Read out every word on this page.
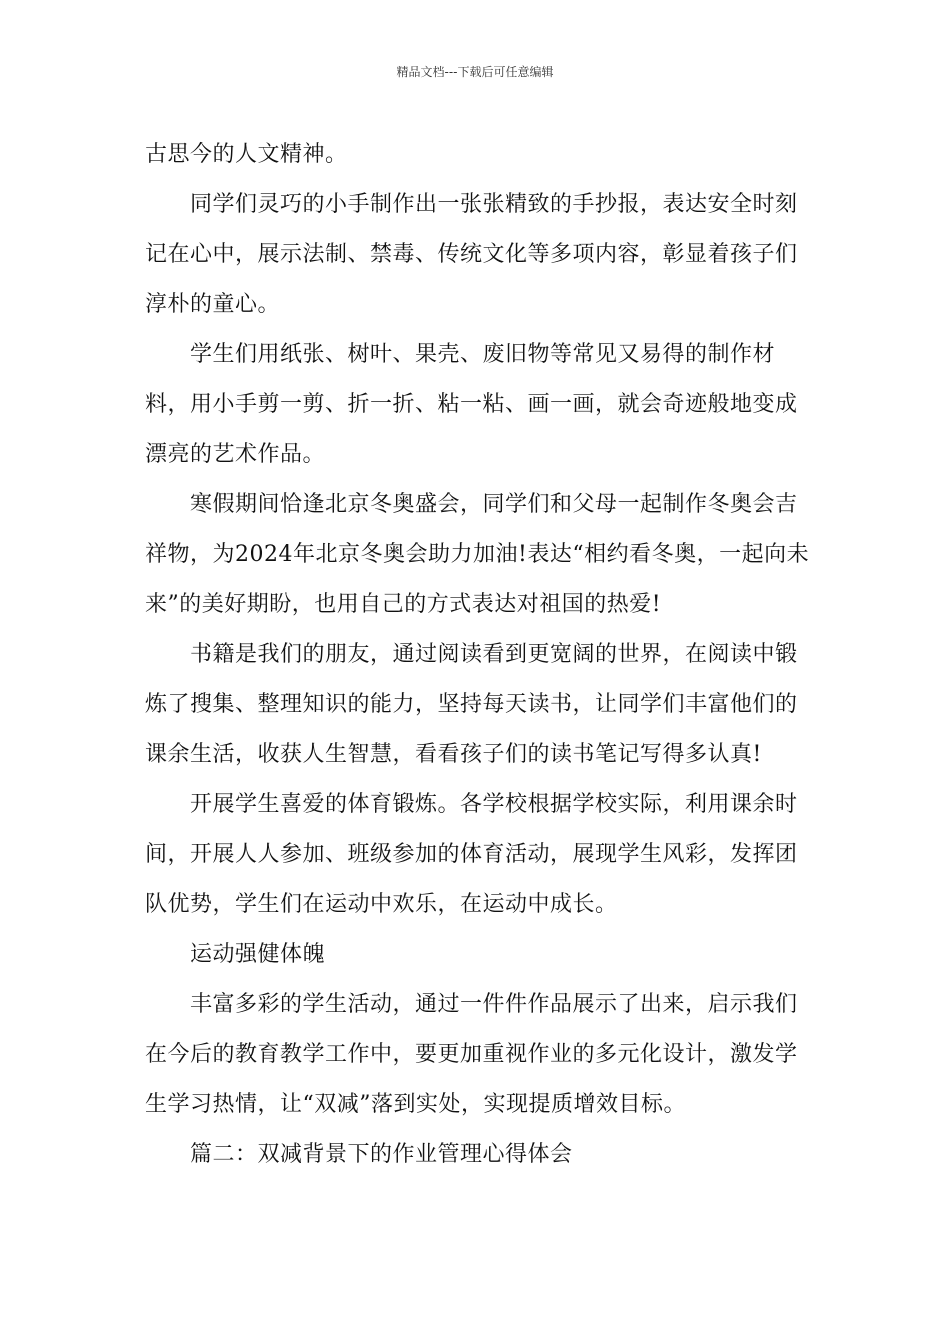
精品文档---下载后可任意编辑

古思今的人文精神。

同学们灵巧的小手制作出一张张精致的手抄报，表达安全时刻记在心中，展示法制、禁毒、传统文化等多项内容，彰显着孩子们淳朴的童心。

学生们用纸张、树叶、果壳、废旧物等常见又易得的制作材料，用小手剪一剪、折一折、粘一粘、画一画，就会奇迹般地变成漂亮的艺术作品。

寒假期间恰逢北京冬奥盛会，同学们和父母一起制作冬奥会吉祥物，为2024年北京冬奥会助力加油!表达“相约看冬奥，一起向未来”的美好期盼，也用自己的方式表达对祖国的热爱!

书籍是我们的朋友，通过阅读看到更宽阔的世界，在阅读中锻炼了搜集、整理知识的能力，坚持每天读书，让同学们丰富他们的课余生活，收获人生智慧，看看孩子们的读书笔记写得多认真!

开展学生喜爱的体育锻炼。各学校根据学校实际，利用课余时间，开展人人参加、班级参加的体育活动，展现学生风彩，发挥团队优势，学生们在运动中欢乐，在运动中成长。

运动强健体魄

丰富多彩的学生活动，通过一件件作品展示了出来，启示我们在今后的教育教学工作中，要更加重视作业的多元化设计，激发学生学习热情，让“双减”落到实处，实现提质增效目标。

篇二：双减背景下的作业管理心得体会
